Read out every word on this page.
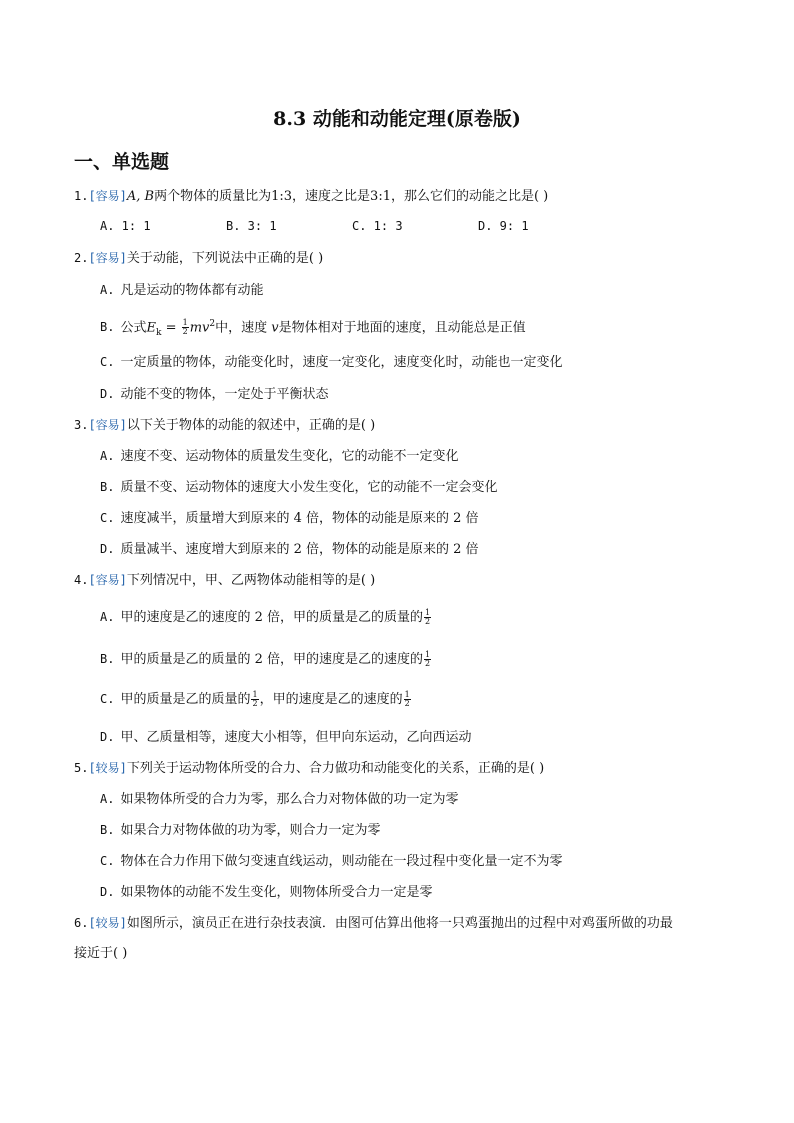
8.3 动能和动能定理(原卷版)
一、单选题
1.[容易]A, B两个物体的质量比为1:3，速度之比是3:1，那么它们的动能之比是( )
A. 1: 1	B. 3: 1	C. 1: 3	D. 9: 1
2.[容易]关于动能，下列说法中正确的是( )
A. 凡是运动的物体都有动能
B. 公式$E_k = \frac{1}{2} mv^2$中，速度 v是物体相对于地面的速度，且动能总是正值
C. 一定质量的物体，动能变化时，速度一定变化，速度变化时，动能也一定变化
D. 动能不变的物体，一定处于平衡状态
3.[容易]以下关于物体的动能的叙述中，正确的是( )
A. 速度不变、运动物体的质量发生变化，它的动能不一定变化
B. 质量不变、运动物体的速度大小发生变化，它的动能不一定会变化
C. 速度减半，质量增大到原来的 4 倍，物体的动能是原来的 2 倍
D. 质量减半、速度增大到原来的 2 倍，物体的动能是原来的 2 倍
4.[容易]下列情况中，甲、乙两物体动能相等的是( )
A. 甲的速度是乙的速度的 2 倍，甲的质量是乙的质量的 $\frac{1}{2}$
B. 甲的质量是乙的质量的 2 倍，甲的速度是乙的速度的 $\frac{1}{2}$
C. 甲的质量是乙的质量的 $\frac{1}{2}$ ，甲的速度是乙的速度的 $\frac{1}{2}$
D. 甲、乙质量相等，速度大小相等，但甲向东运动，乙向西运动
5.[较易]下列关于运动物体所受的合力、合力做功和动能变化的关系，正确的是( )
A. 如果物体所受的合力为零，那么合力对物体做的功一定为零
B. 如果合力对物体做的功为零，则合力一定为零
C. 物体在合力作用下做匀变速直线运动，则动能在一段过程中变化量一定不为零
D. 如果物体的动能不发生变化，则物体所受合力一定是零
6.[较易]如图所示，演员正在进行杂技表演．由图可估算出他将一只鸡蛋抛出的过程中对鸡蛋所做的功最
接近于( )
